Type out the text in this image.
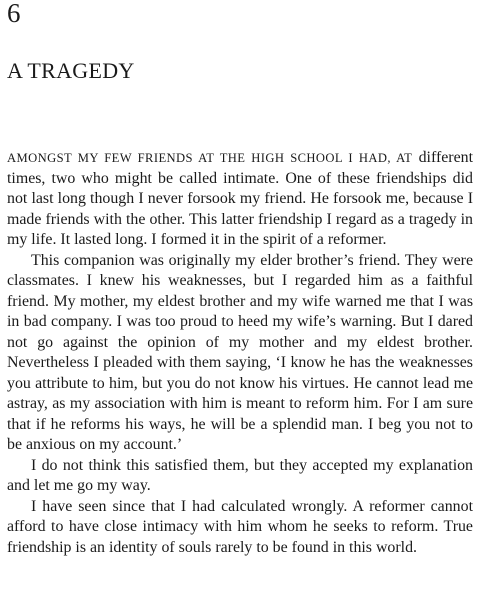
6
A TRAGEDY

AMONGST MY FEW FRIENDS AT THE HIGH SCHOOL I HAD, AT different times, two who might be called intimate. One of these friendships did not last long though I never forsook my friend. He forsook me, because I made friends with the other. This latter friendship I regard as a tragedy in my life. It lasted long. I formed it in the spirit of a reformer.

This companion was originally my elder brother’s friend. They were classmates. I knew his weaknesses, but I regarded him as a faithful friend. My mother, my eldest brother and my wife warned me that I was in bad company. I was too proud to heed my wife’s warning. But I dared not go against the opinion of my mother and my eldest brother. Nevertheless I pleaded with them saying, ‘I know he has the weaknesses you attribute to him, but you do not know his virtues. He cannot lead me astray, as my association with him is meant to reform him. For I am sure that if he reforms his ways, he will be a splendid man. I beg you not to be anxious on my account.’

I do not think this satisfied them, but they accepted my explanation and let me go my way.

I have seen since that I had calculated wrongly. A reformer cannot afford to have close intimacy with him whom he seeks to reform. True friendship is an identity of souls rarely to be found in this world.
